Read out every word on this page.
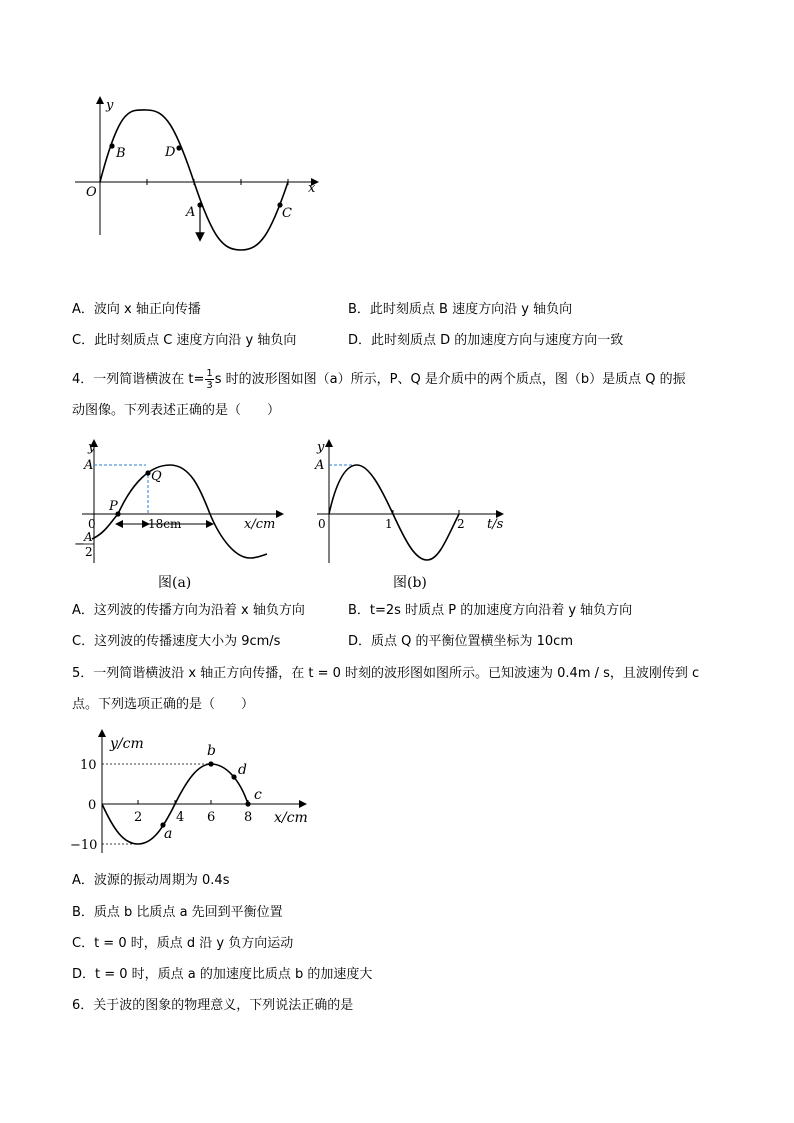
y
x
O
B	D
A	C
A．波向 x 轴正向传播	B．此时刻质点 B 速度方向沿 y 轴负向
C．此时刻质点 C 速度方向沿 y 轴负向	D．此时刻质点 D 的加速度方向与速度方向一致
4．一列简谐横波在 $t= \frac{1}{3}$ s 时的波形图如图（a）所示，P、Q 是介质中的两个质点，图（b）是质点 Q 的振
动图像。下列表述正确的是（　　）
y
A
− A
2
P
Q
0	18cm	x/cm
图(a)
y
A
0	1	2 t/s
图(b)
A．这列波的传播方向为沿着 x 轴负方向	B．t=2s 时质点 P 的加速度方向沿着 y 轴负方向
C．这列波的传播速度大小为 9cm/s	D．质点 Q 的平衡位置横坐标为 10cm
5．一列简谐横波沿 x 轴正方向传播，在 t = 0 时刻的波形图如图所示。已知波速为 0.4m / s，且波刚传到 c
点。下列选项正确的是（　　）
y/cm
x/cm
10
0
−10
2	4 6 8
a
b
d
c
A．波源的振动周期为 0.4s
B．质点 b 比质点 a 先回到平衡位置
C．t = 0 时，质点 d 沿 y 负方向运动
D．t = 0 时，质点 a 的加速度比质点 b 的加速度大
6．关于波的图象的物理意义，下列说法正确的是
